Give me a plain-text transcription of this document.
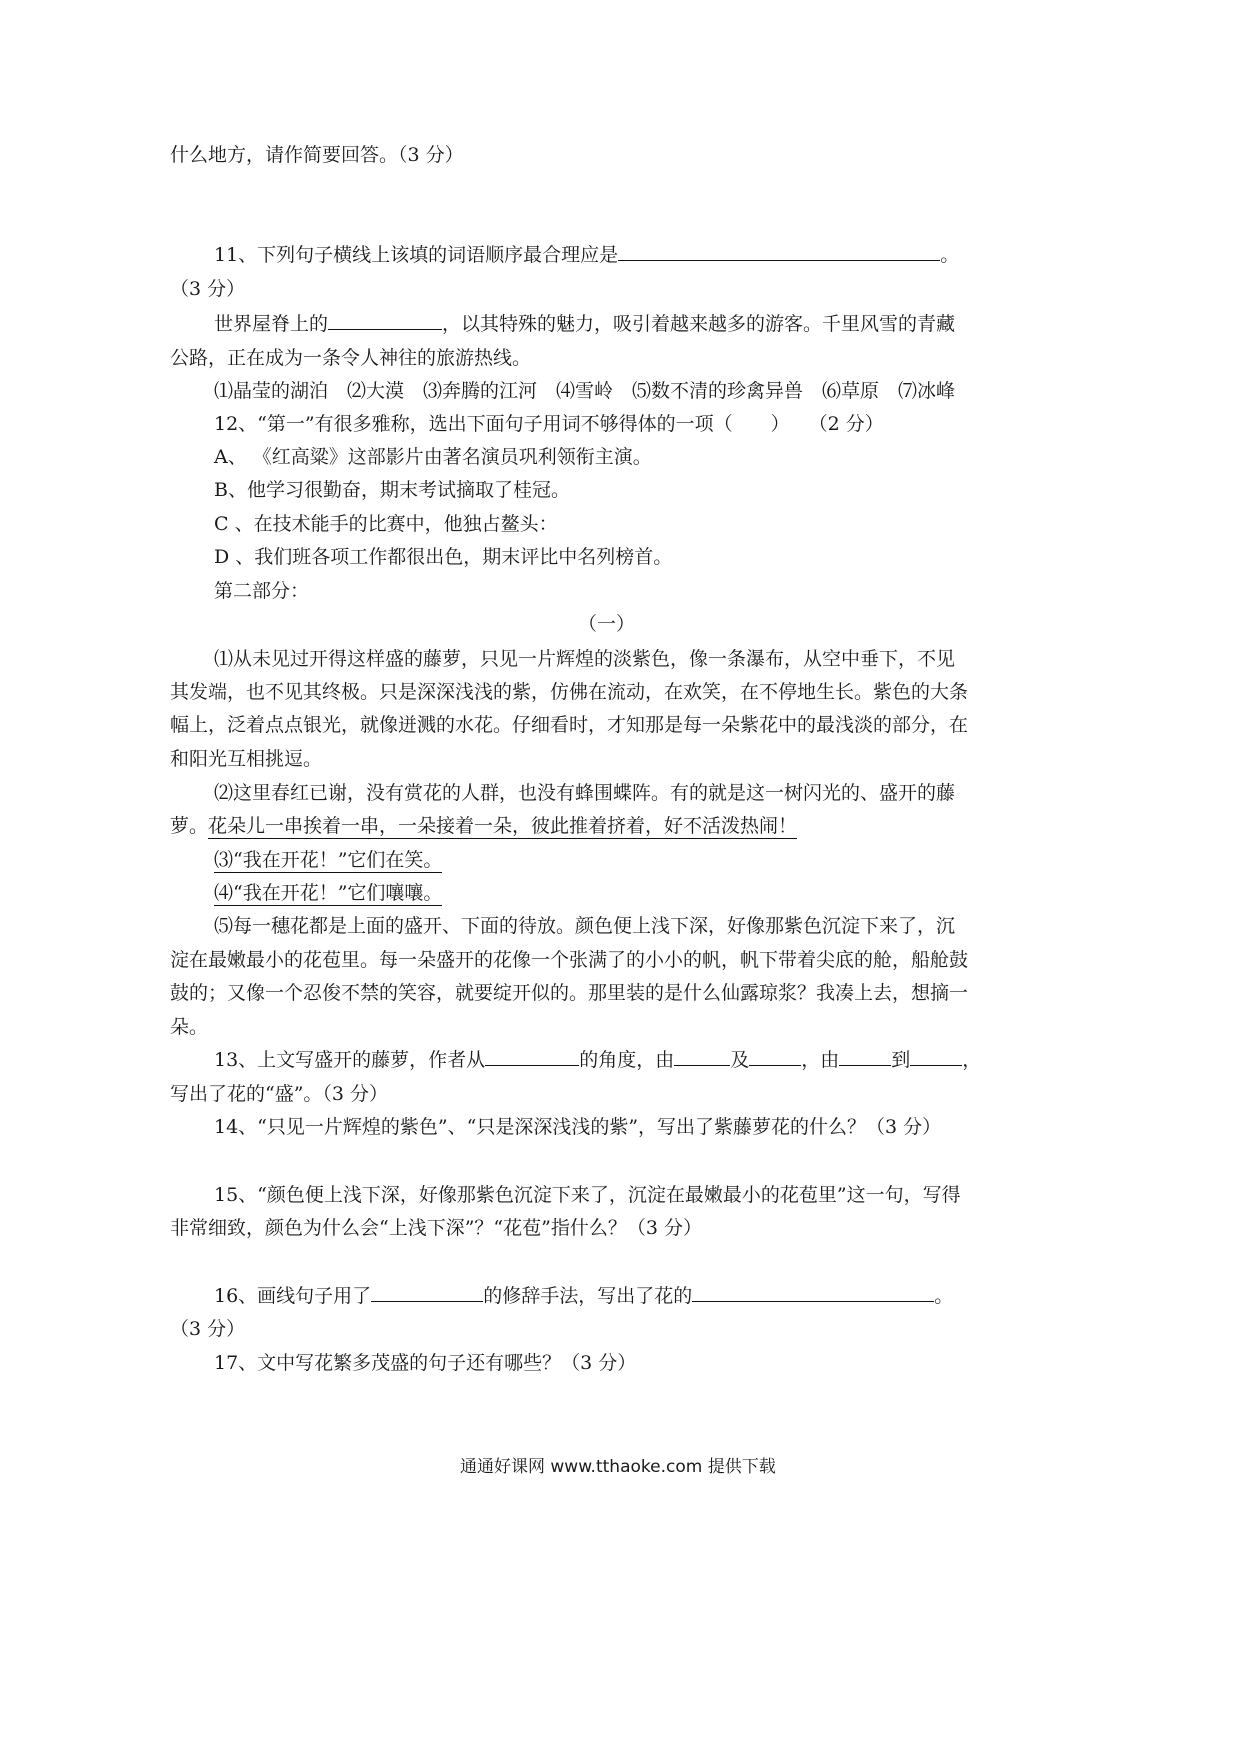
什么地方，请作简要回答。（3 分）
11、下列句子横线上该填的词语顺序最合理应是	。
（3 分）
世界屋脊上的	，以其特殊的魅力，吸引着越来越多的游客。千里风雪的青藏
公路，正在成为一条令人神往的旅游热线。
⑴晶莹的湖泊　⑵大漠　⑶奔腾的江河　⑷雪岭　⑸数不清的珍禽异兽　⑹草原　⑺冰峰
12、“第一”有很多雅称，选出下面句子用词不够得体的一项（　　）　　（2 分）
A、 《红高粱》这部影片由著名演员巩利领衔主演。
B、他学习很勤奋，期末考试摘取了桂冠。
C 、在技术能手的比赛中，他独占鳌头：
D 、我们班各项工作都很出色，期末评比中名列榜首。
第二部分：
（一）
⑴从未见过开得这样盛的藤萝，只见一片辉煌的淡紫色，像一条瀑布，从空中垂下，不见
其发端，也不见其终极。只是深深浅浅的紫，仿佛在流动，在欢笑，在不停地生长。紫色的大条
幅上，泛着点点银光，就像迸溅的水花。仔细看时，才知那是每一朵紫花中的最浅淡的部分，在
和阳光互相挑逗。
⑵这里春红已谢，没有赏花的人群，也没有蜂围蝶阵。有的就是这一树闪光的、盛开的藤
萝。花朵儿一串挨着一串，一朵接着一朵，彼此推着挤着，好不活泼热闹！
⑶“我在开花！”它们在笑。
⑷“我在开花！”它们嚷嚷。
⑸每一穗花都是上面的盛开、下面的待放。颜色便上浅下深，好像那紫色沉淀下来了，沉
淀在最嫩最小的花苞里。每一朵盛开的花像一个张满了的小小的帆，帆下带着尖底的舱，船舱鼓
鼓的；又像一个忍俊不禁的笑容，就要绽开似的。那里装的是什么仙露琼浆？我凑上去，想摘一
朵。
13、上文写盛开的藤萝，作者从	的角度，由	及	，由	到	，
写出了花的“盛”。（3 分）
14、“只见一片辉煌的紫色”、“只是深深浅浅的紫”，写出了紫藤萝花的什么？（3 分）
15、“颜色便上浅下深，好像那紫色沉淀下来了，沉淀在最嫩最小的花苞里”这一句，写得
非常细致，颜色为什么会“上浅下深”？“花苞”指什么？（3 分）
16、画线句子用了	的修辞手法，写出了花的	。
（3 分）
17、文中写花繁多茂盛的句子还有哪些？（3 分）
通通好课网 www.tthaoke.com 提供下载
